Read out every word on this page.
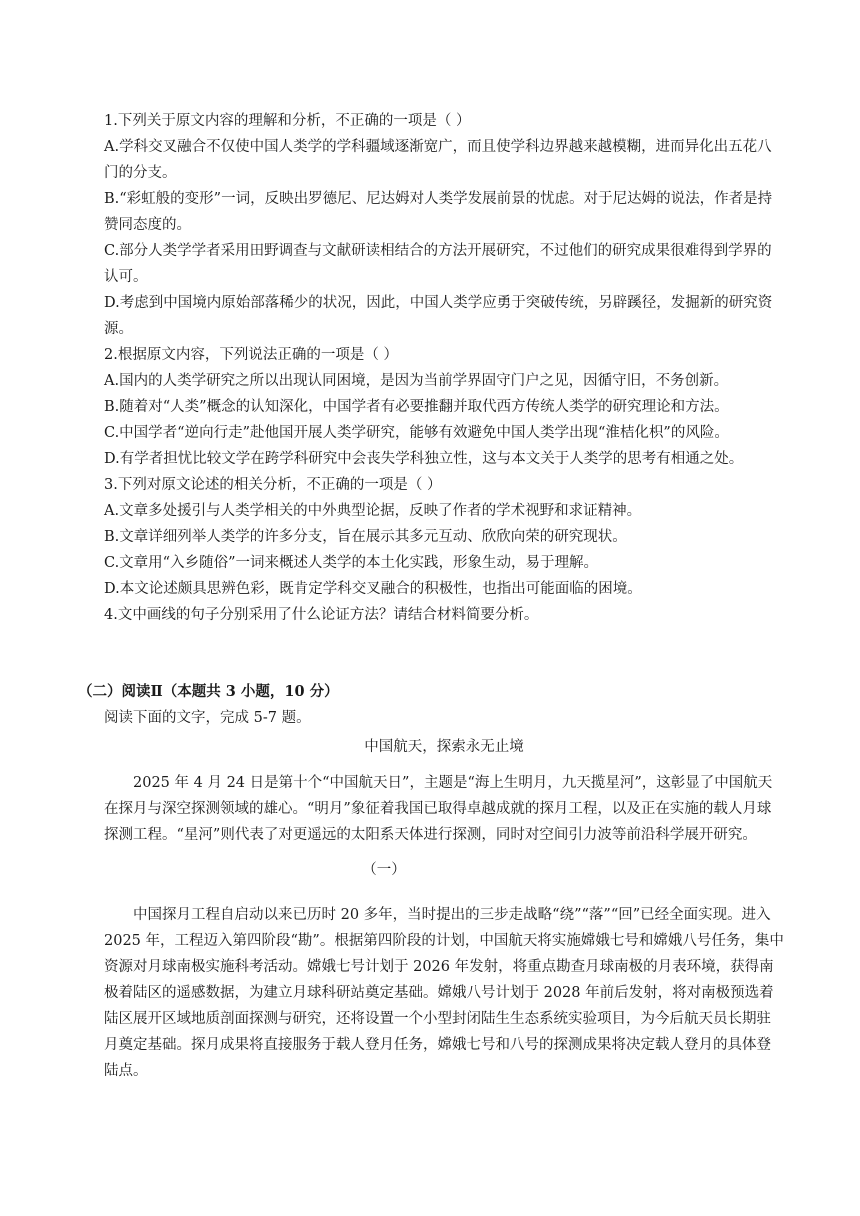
1.下列关于原文内容的理解和分析，不正确的一项是（ ）

A.学科交叉融合不仅使中国人类学的学科疆域逐渐宽广，而且使学科边界越来越模糊，进而异化出五花八门的分支。

B.“彩虹般的变形”一词，反映出罗德尼、尼达姆对人类学发展前景的忧虑。对于尼达姆的说法，作者是持赞同态度的。

C.部分人类学学者采用田野调查与文献研读相结合的方法开展研究，不过他们的研究成果很难得到学界的认可。

D.考虑到中国境内原始部落稀少的状况，因此，中国人类学应勇于突破传统，另辟蹊径，发掘新的研究资源。

2.根据原文内容，下列说法正确的一项是（ ）

A.国内的人类学研究之所以出现认同困境，是因为当前学界固守门户之见，因循守旧，不务创新。

B.随着对“人类”概念的认知深化，中国学者有必要推翻并取代西方传统人类学的研究理论和方法。

C.中国学者“逆向行走”赴他国开展人类学研究，能够有效避免中国人类学出现“淮桔化枳”的风险。

D.有学者担忧比较文学在跨学科研究中会丧失学科独立性，这与本文关于人类学的思考有相通之处。

3.下列对原文论述的相关分析，不正确的一项是（ ）

A.文章多处援引与人类学相关的中外典型论据，反映了作者的学术视野和求证精神。

B.文章详细列举人类学的许多分支，旨在展示其多元互动、欣欣向荣的研究现状。

C.文章用“入乡随俗”一词来概述人类学的本土化实践，形象生动，易于理解。

D.本文论述颇具思辨色彩，既肯定学科交叉融合的积极性，也指出可能面临的困境。

4.文中画线的句子分别采用了什么论证方法？请结合材料简要分析。

（二）阅读Ⅱ（本题共 3 小题，10 分）
阅读下面的文字，完成 5-7 题。
中国航天，探索永无止境

2025 年 4 月 24 日是第十个“中国航天日”，主题是“海上生明月，九天揽星河”，这彰显了中国航天在探月与深空探测领域的雄心。“明月”象征着我国已取得卓越成就的探月工程，以及正在实施的载人月球探测工程。“星河”则代表了对更遥远的太阳系天体进行探测，同时对空间引力波等前沿科学展开研究。

（一）

中国探月工程自启动以来已历时 20 多年，当时提出的三步走战略“绕”“落”“回”已经全面实现。进入 2025 年，工程迈入第四阶段“勘”。根据第四阶段的计划，中国航天将实施嫦娥七号和嫦娥八号任务，集中资源对月球南极实施科考活动。嫦娥七号计划于 2026 年发射，将重点勘查月球南极的月表环境，获得南极着陆区的遥感数据，为建立月球科研站奠定基础。嫦娥八号计划于 2028 年前后发射，将对南极预选着陆区展开区域地质剖面探测与研究，还将设置一个小型封闭陆生生态系统实验项目，为今后航天员长期驻月奠定基础。探月成果将直接服务于载人登月任务，嫦娥七号和八号的探测成果将决定载人登月的具体登陆点。
